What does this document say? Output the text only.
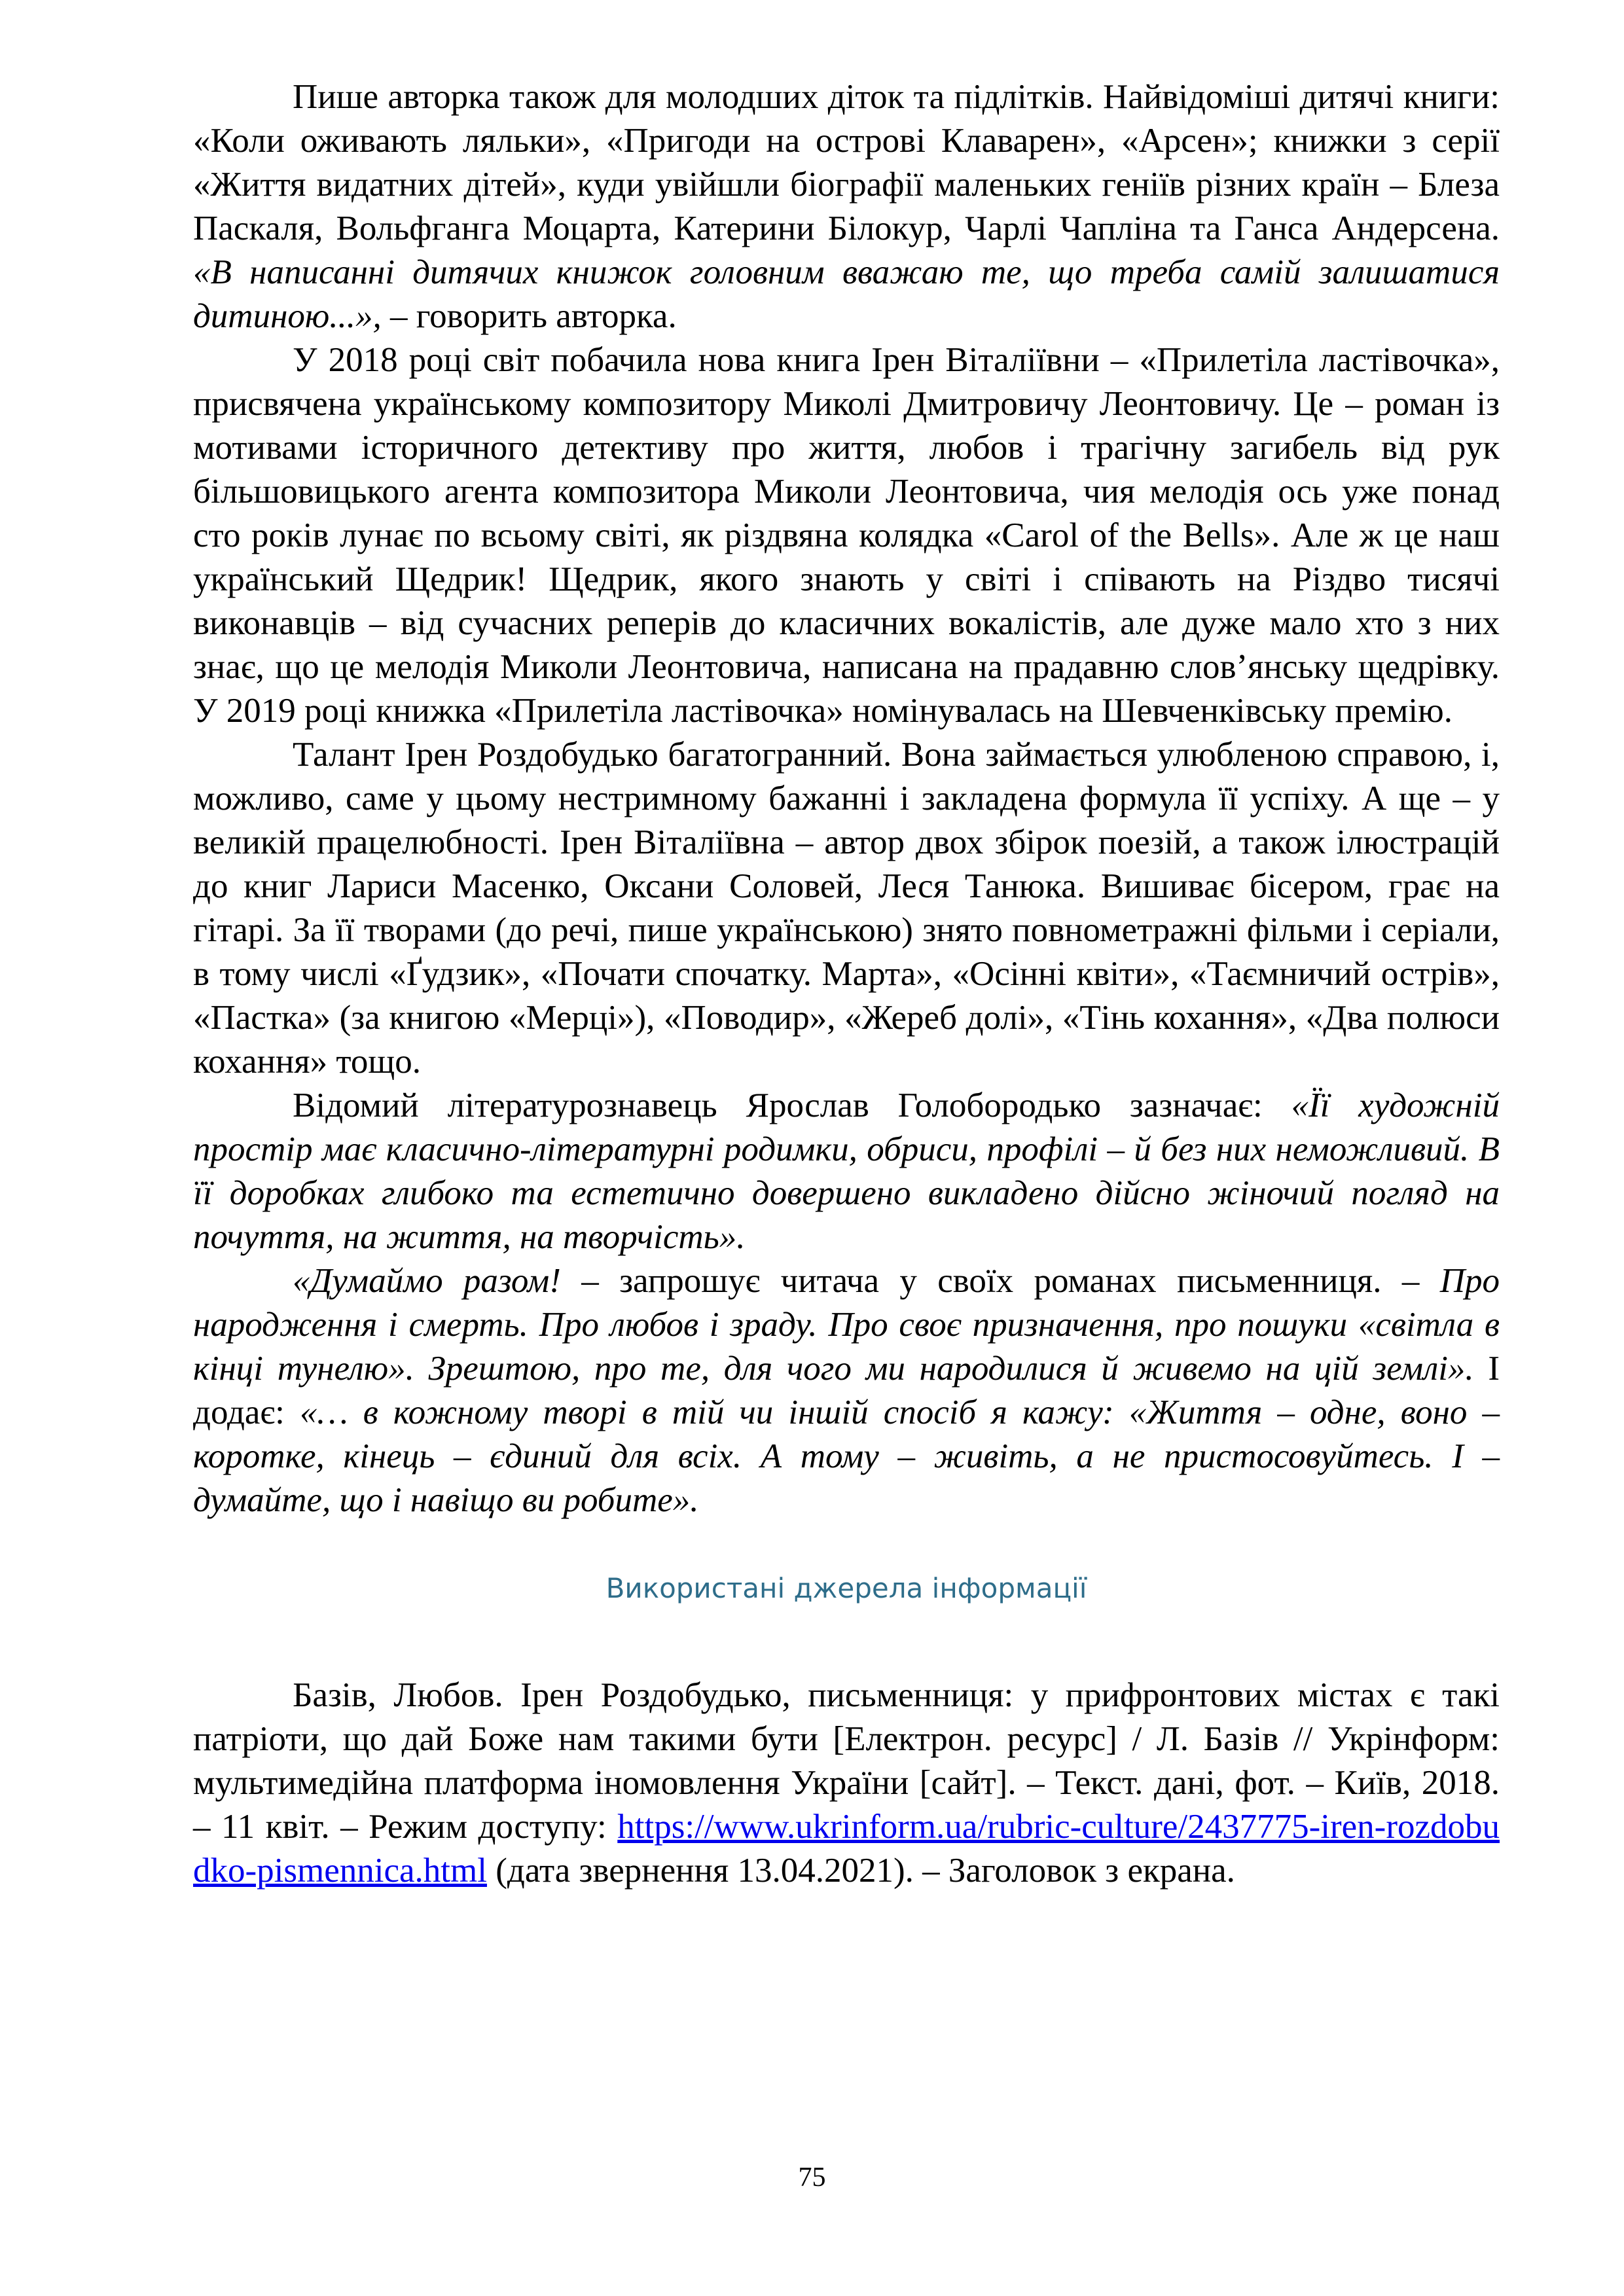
Пише авторка також для молодших діток та підлітків. Найвідоміші дитячі книги: «Коли оживають ляльки», «Пригоди на острові Клаварен», «Арсен»; книжки з серії «Життя видатних дітей», куди увійшли біографії маленьких геніїв різних країн – Блеза Паскаля, Вольфганга Моцарта, Катерини Білокур, Чарлі Чапліна та Ганса Андерсена. «В написанні дитячих книжок головним вважаю те, що треба самій залишатися дитиною...», – говорить авторка.

У 2018 році світ побачила нова книга Ірен Віталіївни – «Прилетіла ластівочка», присвячена українському композитору Миколі Дмитровичу Леонтовичу. Це – роман із мотивами історичного детективу про життя, любов і трагічну загибель від рук більшовицького агента композитора Миколи Леонтовича, чия мелодія ось уже понад сто років лунає по всьому світі, як різдвяна колядка «Carol of the Bells». Але ж це наш український Щедрик! Щедрик, якого знають у світі і співають на Різдво тисячі виконавців – від сучасних реперів до класичних вокалістів, але дуже мало хто з них знає, що це мелодія Миколи Леонтовича, написана на прадавню слов’янську щедрівку. У 2019 році книжка «Прилетіла ластівочка» номінувалась на Шевченківську премію.

Талант Ірен Роздобудько багатогранний. Вона займається улюбленою справою, і, можливо, саме у цьому нестримному бажанні і закладена формула її успіху. А ще – у великій працелюбності. Ірен Віталіївна – автор двох збірок поезій, а також ілюстрацій до книг Лариси Масенко, Оксани Соловей, Леся Танюка. Вишиває бісером, грає на гітарі. За її творами (до речі, пише українською) знято повнометражні фільми і серіали, в тому числі «Ґудзик», «Почати спочатку. Марта», «Осінні квіти», «Таємничий острів», «Пастка» (за книгою «Мерці»), «Поводир», «Жереб долі», «Тінь кохання», «Два полюси кохання» тощо.

Відомий літературознавець Ярослав Голобородько зазначає: «Її художній простір має класично-літературні родимки, обриси, профілі – й без них неможливий. В її доробках глибоко та естетично довершено викладено дійсно жіночий погляд на почуття, на життя, на творчість».

«Думаймо разом! – запрошує читача у своїх романах письменниця. – Про народження і смерть. Про любов і зраду. Про своє призначення, про пошуки «світла в кінці тунелю». Зрештою, про те, для чого ми народилися й живемо на цій землі». І додає: «… в кожному творі в тій чи іншій спосіб я кажу: «Життя – одне, воно – коротке, кінець – єдиний для всіх. А тому – живіть, а не пристосовуйтесь. І – думайте, що і навіщо ви робите».

Використані джерела інформації

Базів, Любов. Ірен Роздобудько, письменниця: у прифронтових містах є такі патріоти, що дай Боже нам такими бути [Електрон. ресурс] / Л. Базів // Укрінформ: мультимедійна платформа іномовлення України [сайт]. – Текст. дані, фот. – Київ, 2018. – 11 квіт. – Режим доступу: https://www.ukrinform.ua/rubric-culture/2437775-iren-rozdobudko-pismennica.html (дата звернення 13.04.2021). – Заголовок з екрана.

75
